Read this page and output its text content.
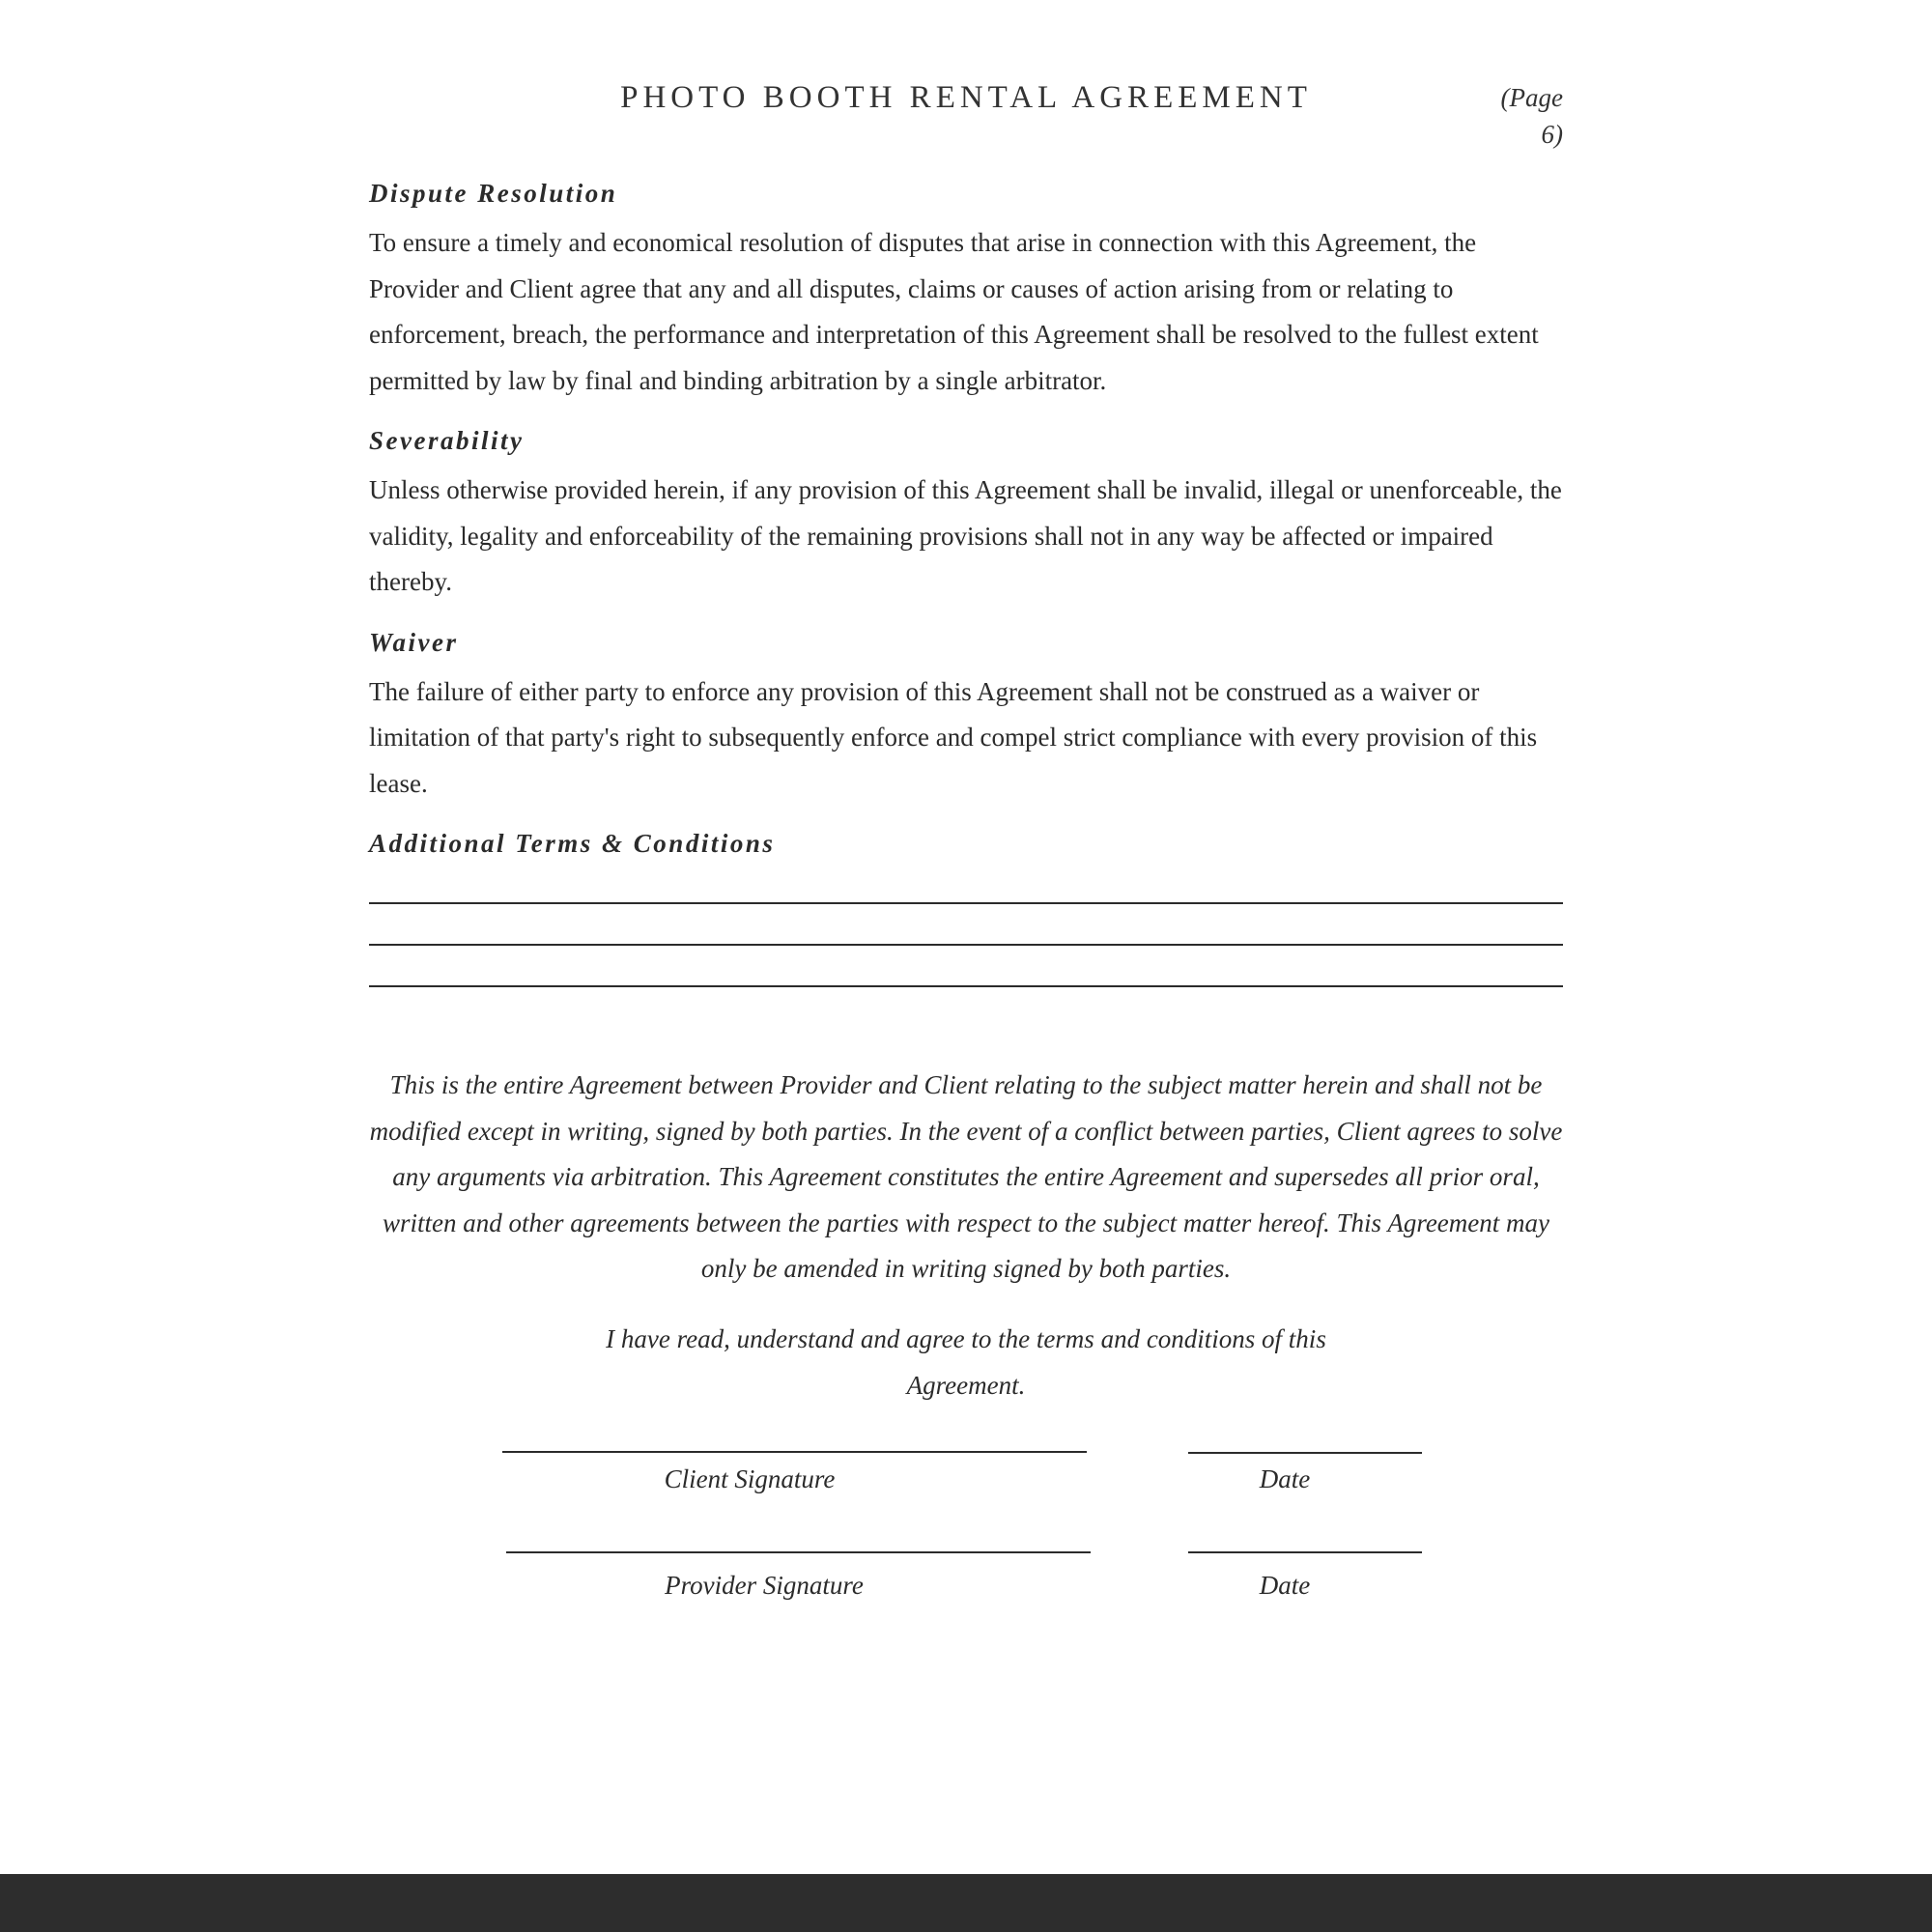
PHOTO BOOTH RENTAL AGREEMENT	(Page 6)
Dispute Resolution

To ensure a timely and economical resolution of disputes that arise in connection with this Agreement, the Provider and Client agree that any and all disputes, claims or causes of action arising from or relating to enforcement, breach, the performance and interpretation of this Agreement shall be resolved to the fullest extent permitted by law by final and binding arbitration by a single arbitrator.

Severability

Unless otherwise provided herein, if any provision of this Agreement shall be invalid, illegal or unenforceable, the validity, legality and enforceability of the remaining provisions shall not in any way be affected or impaired thereby.

Waiver

The failure of either party to enforce any provision of this Agreement shall not be construed as a waiver or limitation of that party's right to subsequently enforce and compel strict compliance with every provision of this lease.

Additional Terms & Conditions
This is the entire Agreement between Provider and Client relating to the subject matter herein and shall not be modified except in writing, signed by both parties. In the event of a conflict between parties, Client agrees to solve any arguments via arbitration. This Agreement constitutes the entire Agreement and supersedes all prior oral, written and other agreements between the parties with respect to the subject matter hereof. This Agreement may only be amended in writing signed by both parties.
I have read, understand and agree to the terms and conditions of this Agreement.
Client Signature	Date
Provider Signature	Date
